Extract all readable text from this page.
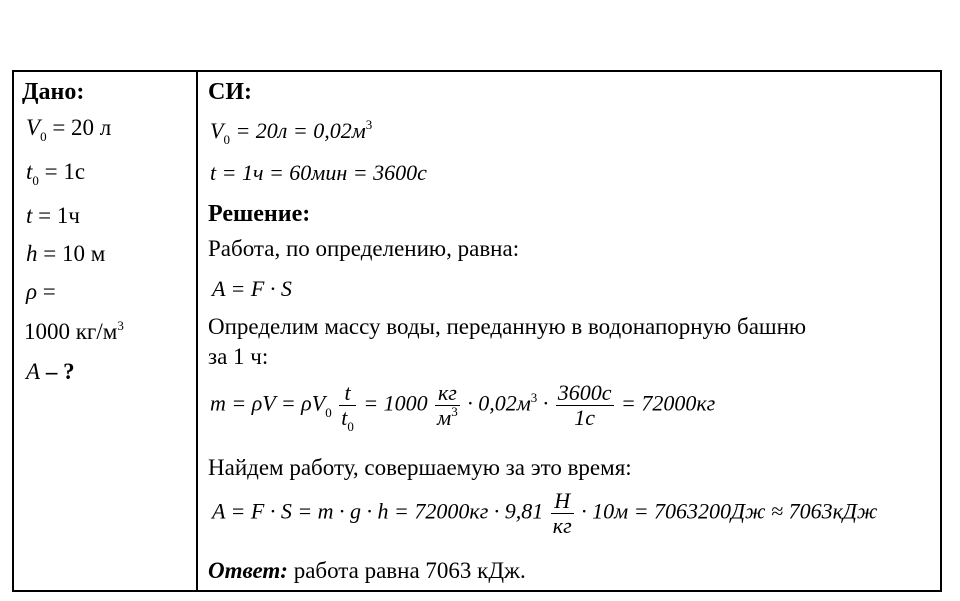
Дано:
$V_0 = 20$ л
$t_0 = 1с$
t = 1ч
h = 10 м
ρ =
1000 $кг/м^3$
A – ?
СИ:
$V_0 = 20л = 0,02м^3$
t = 1ч = 60мин = 3600с
Решение:
Работа, по определению, равна:
A = F · S
Определим массу воды, переданную в водонапорную башню
за 1 ч:
$m = \rho V = \rho V_0 \frac{t}{t_0} = 1000 \frac{кг}{м^3} \cdot 0,02м^3 \cdot \frac{3600с}{1с} = 72000кг$
Найдем работу, совершаемую за это время:
$A = F \cdot S = m \cdot g \cdot h = 72000кг \cdot 9,81 \frac{Н}{кг} \cdot 10м = 7063200Дж \approx 7063кДж$
Ответ: работа равна 7063 кДж.
